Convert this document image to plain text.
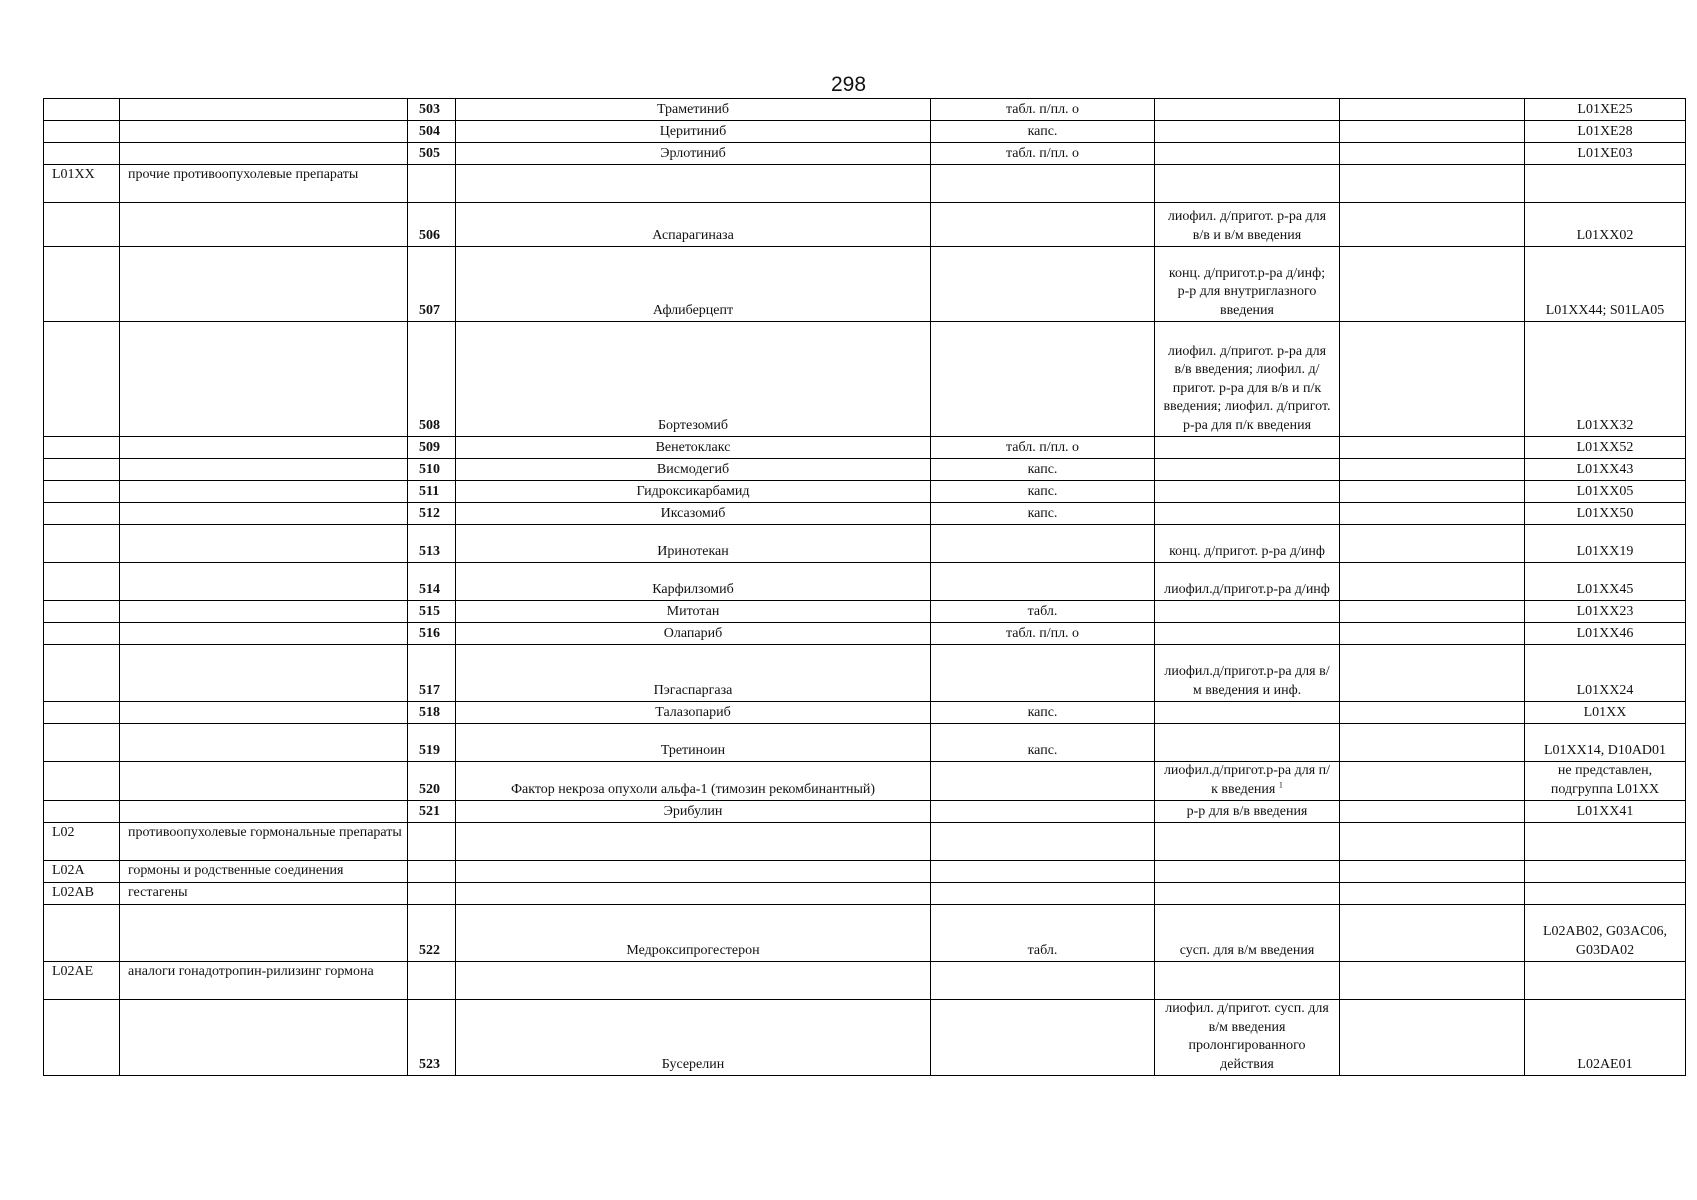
298
		503	Траметиниб	табл. п/пл. о			L01XE25
		504	Церитиниб	капс.			L01XE28
		505	Эрлотиниб	табл. п/пл. о			L01XE03
L01XX	прочие противоопухолевые препараты						
		506	Аспарагиназа		лиофил. д/пригот. р-ра для в/в и в/м введения		L01XX02
		507	Афлиберцепт		конц. д/пригот.р-ра д/инф; р-р для внутриглазного введения		L01XX44; S01LA05
		508	Бортезомиб		лиофил. д/пригот. р-ра для в/в введения; лиофил. д/пригот. р-ра для в/в и п/к введения; лиофил. д/пригот. р-ра для п/к введения		L01XX32
		509	Венетоклакс	табл. п/пл. о			L01XX52
		510	Висмодегиб	капс.			L01XX43
		511	Гидроксикарбамид	капс.			L01XX05
		512	Иксазомиб	капс.			L01XX50
		513	Иринотекан		конц. д/пригот. р-ра д/инф		L01XX19
		514	Карфилзомиб		лиофил.д/пригот.р-ра д/инф		L01XX45
		515	Митотан	табл.			L01XX23
		516	Олапариб	табл. п/пл. о			L01XX46
		517	Пэгаспаргаза		лиофил.д/пригот.р-ра для в/м введения и инф.		L01XX24
		518	Талазопариб	капс.			L01XX
		519	Третиноин	капс.			L01XX14, D10AD01
		520	Фактор некроза опухоли альфа-1 (тимозин рекомбинантный)		лиофил.д/пригот.р-ра для п/к введения $^1$		не представлен, подгруппа L01XX
		521	Эрибулин		р-р для в/в введения		L01XX41
L02	противоопухолевые гормональные препараты						
L02A	гормоны и родственные соединения						
L02AB	гестагены						
		522	Медроксипрогестерон	табл.	сусп. для в/м введения		L02AB02, G03AC06, G03DA02
L02AE	аналоги гонадотропин-рилизинг гормона						
		523	Бусерелин		лиофил. д/пригот. сусп. для в/м введения пролонгированного действия		L02AE01
